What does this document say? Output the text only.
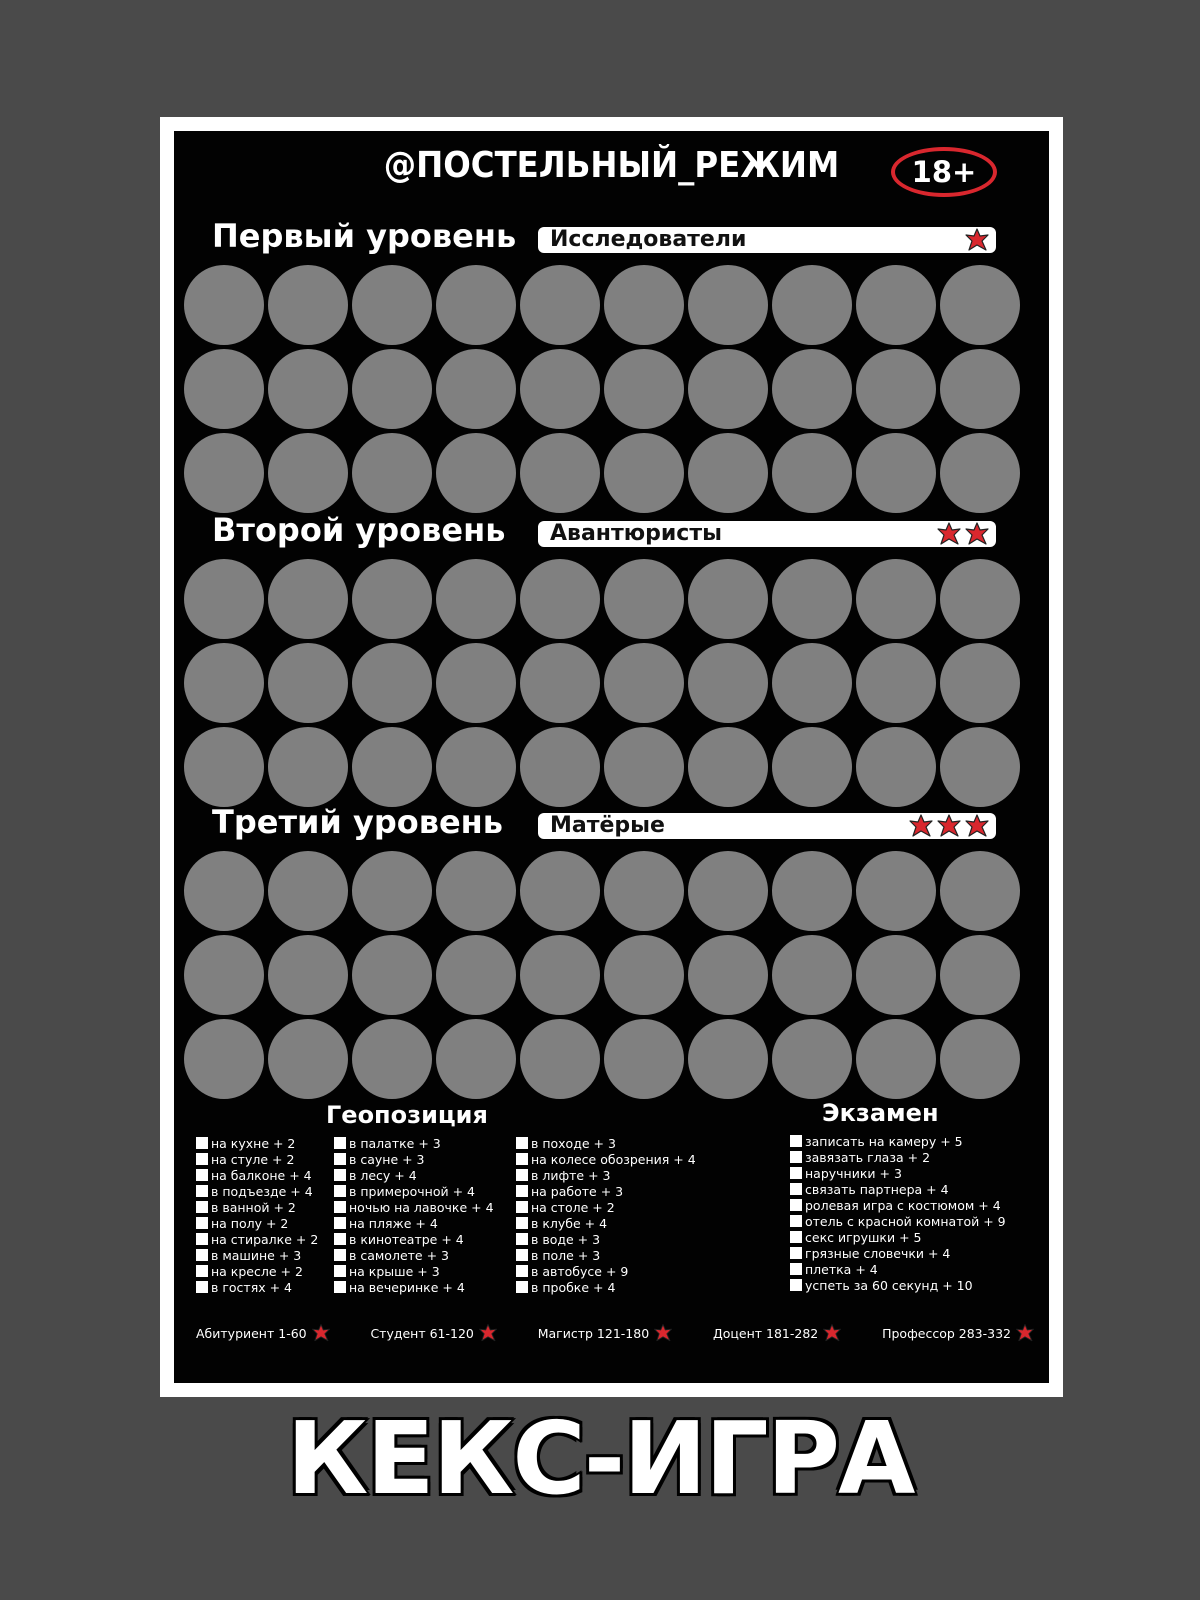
@ПОСТЕЛЬНЫЙ_РЕЖИМ	18+
Первый уровень Исследователи
Второй уровень Авантюристы
Третий уровень Матёрые
Геопозиция
на кухне + 2
на стуле + 2
на балконе + 4
в подъезде + 4
в ванной + 2
на полу + 2
на стиралке + 2
в машине + 3
на кресле + 2
в гостях + 4
в палатке + 3
в сауне + 3
в лесу + 4
в примерочной + 4
ночью на лавочке + 4
на пляже + 4
в кинотеатре + 4
в самолете + 3
на крыше + 3
на вечеринке + 4
в походе + 3
на колесе обозрения + 4
в лифте + 3
на работе + 3
на столе + 2
в клубе + 4
в воде + 3
в поле + 3
в автобусе + 9
в пробке + 4
Экзамен
записать на камеру + 5
завязать глаза + 2
наручники + 3
связать партнера + 4
ролевая игра с костюмом + 4
отель с красной комнатой + 9
секс игрушки + 5
грязные словечки + 4
плетка + 4
успеть за 60 секунд + 10
Абитуриент 1-60	Студент 61-120	Магистр 121-180	Доцент 181-282	Профессор 283-332
КЕКС-ИГРА
